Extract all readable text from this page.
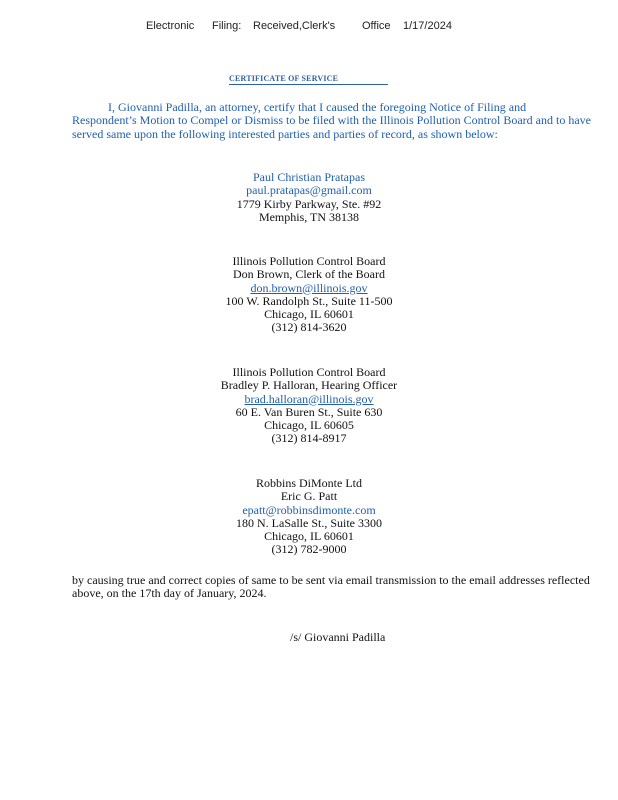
Electronic Filing: Received,Clerk's Office 1/17/2024
CERTIFICATE OF SERVICE

I, Giovanni Padilla, an attorney, certify that I caused the foregoing Notice of Filing and Respondent’s Motion to Compel or Dismiss to be filed with the Illinois Pollution Control Board and to have served same upon the following interested parties and parties of record, as shown below:

Paul Christian Pratapas
paul.pratapas@gmail.com
1779 Kirby Parkway, Ste. #92
Memphis, TN 38138
Illinois Pollution Control Board
Don Brown, Clerk of the Board
don.brown@illinois.gov
100 W. Randolph St., Suite 11-500
Chicago, IL 60601
(312) 814-3620
Illinois Pollution Control Board
Bradley P. Halloran, Hearing Officer
brad.halloran@illinois.gov
60 E. Van Buren St., Suite 630
Chicago, IL 60605
(312) 814-8917
Robbins DiMonte Ltd
Eric G. Patt
epatt@robbinsdimonte.com
180 N. LaSalle St., Suite 3300
Chicago, IL 60601
(312) 782-9000

by causing true and correct copies of same to be sent via email transmission to the email addresses reflected above, on the 17th day of January, 2024.

/s/ Giovanni Padilla
